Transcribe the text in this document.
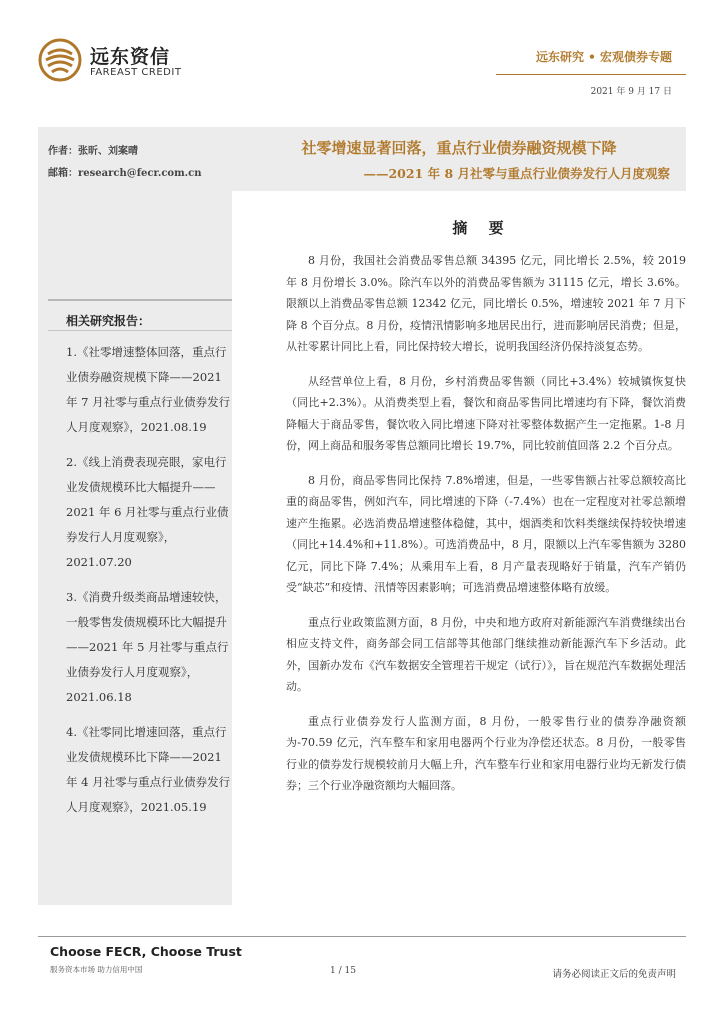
远东资信
FAREAST CREDIT
远东研究 • 宏观债券专题
2021 年 9 月 17 日
作者：张昕、刘案晴
邮箱：research@fecr.com.cn
相关研究报告：
1.《社零增速整体回落，重点行业债券融资规模下降——2021 年 7 月社零与重点行业债券发行人月度观察》，2021.08.19
2.《线上消费表现亮眼，家电行业发债规模环比大幅提升——2021 年 6 月社零与重点行业债券发行人月度观察》，2021.07.20
3.《消费升级类商品增速较快，一般零售发债规模环比大幅提升——2021 年 5 月社零与重点行业债券发行人月度观察》，2021.06.18
4.《社零同比增速回落，重点行业发债规模环比下降——2021 年 4 月社零与重点行业债券发行人月度观察》，2021.05.19
社零增速显著回落，重点行业债券融资规模下降
——2021 年 8 月社零与重点行业债券发行人月度观察
摘 要

8 月份，我国社会消费品零售总额 34395 亿元，同比增长 2.5%，较 2019 年 8 月份增长 3.0%。除汽车以外的消费品零售额为 31115 亿元，增长 3.6%。限额以上消费品零售总额 12342 亿元，同比增长 0.5%，增速较 2021 年 7 月下降 8 个百分点。8 月份，疫情汛情影响多地居民出行，进而影响居民消费；但是，从社零累计同比上看，同比保持较大增长，说明我国经济仍保持淡复态势。

从经营单位上看，8 月份，乡村消费品零售额（同比+3.4%）较城镇恢复快（同比+2.3%）。从消费类型上看，餐饮和商品零售同比增速均有下降，餐饮消费降幅大于商品零售，餐饮收入同比增速下降对社零整体数据产生一定拖累。1-8 月份，网上商品和服务零售总额同比增长 19.7%，同比较前值回落 2.2 个百分点。

8 月份，商品零售同比保持 7.8%增速，但是，一些零售额占社零总额较高比重的商品零售，例如汽车，同比增速的下降（-7.4%）也在一定程度对社零总额增速产生拖累。必选消费品增速整体稳健，其中，烟酒类和饮料类继续保持较快增速（同比+14.4%和+11.8%）。可选消费品中，8 月，限额以上汽车零售额为 3280 亿元，同比下降 7.4%；从乘用车上看，8 月产量表现略好于销量，汽车产销仍受“缺芯”和疫情、汛情等因素影响；可选消费品增速整体略有放缓。

重点行业政策监测方面，8 月份，中央和地方政府对新能源汽车消费继续出台相应支持文件，商务部会同工信部等其他部门继续推动新能源汽车下乡活动。此外，国新办发布《汽车数据安全管理若干规定（试行）》，旨在规范汽车数据处理活动。

重点行业债券发行人监测方面，8 月份，一般零售行业的债券净融资额为-70.59 亿元，汽车整车和家用电器两个行业为净偿还状态。8 月份，一般零售行业的债券发行规模较前月大幅上升，汽车整车行业和家用电器行业均无新发行债券；三个行业净融资额均大幅回落。

Choose FECR, Choose Trust
服务资本市场 助力信用中国	1 / 15	请务必阅读正文后的免责声明
